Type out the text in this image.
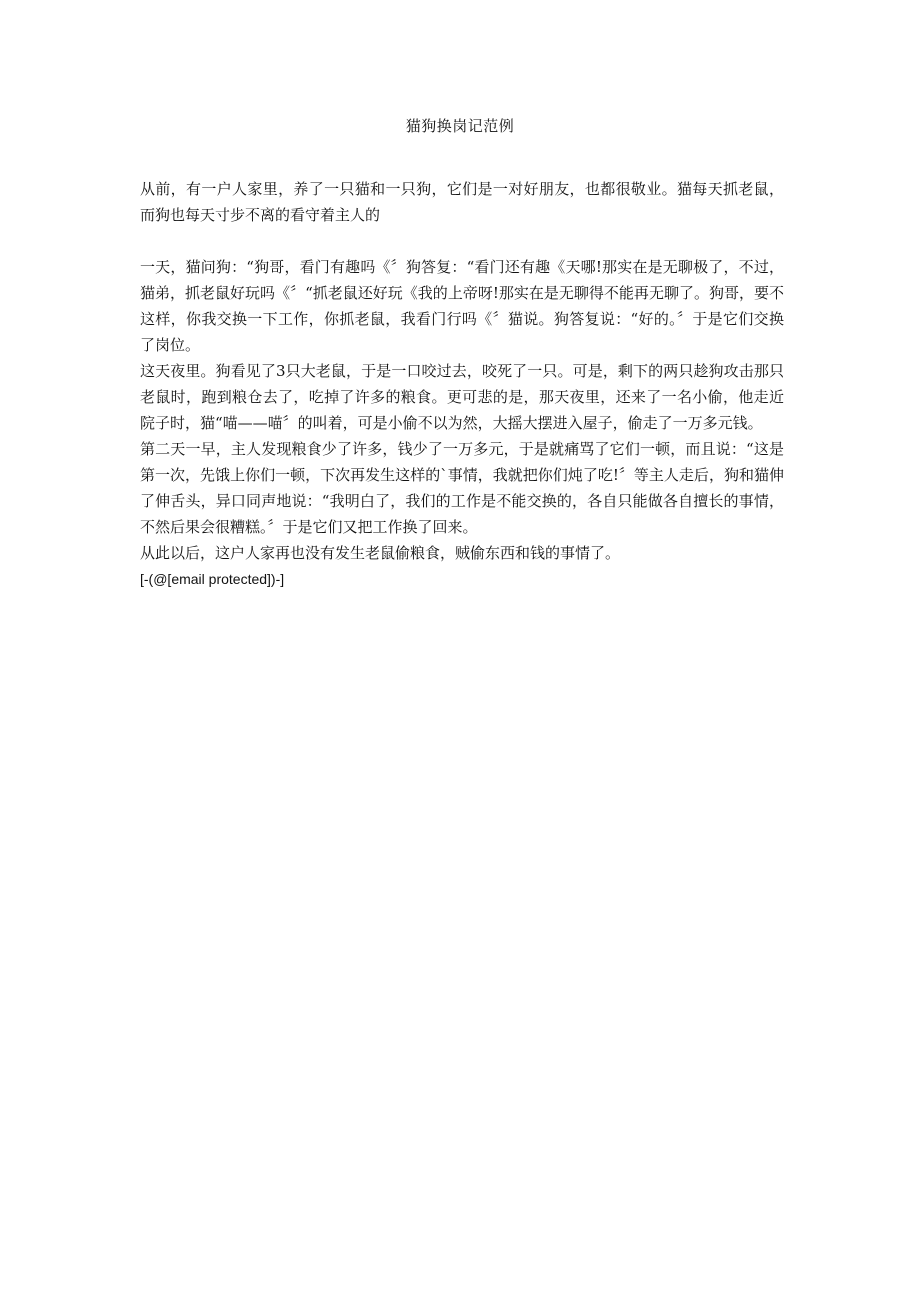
猫狗换岗记范例

从前，有一户人家里，养了一只猫和一只狗，它们是一对好朋友，也都很敬业。猫每天抓老鼠，而狗也每天寸步不离的看守着主人的

一天，猫问狗：“狗哥，看门有趣吗《〞狗答复：“看门还有趣《天哪!那实在是无聊极了，不过，猫弟，抓老鼠好玩吗《〞“抓老鼠还好玩《我的上帝呀!那实在是无聊得不能再无聊了。狗哥，要不这样，你我交换一下工作，你抓老鼠，我看门行吗《〞猫说。狗答复说：“好的。〞于是它们交换了岗位。

这天夜里。狗看见了3只大老鼠，于是一口咬过去，咬死了一只。可是，剩下的两只趁狗攻击那只老鼠时，跑到粮仓去了，吃掉了许多的粮食。更可悲的是，那天夜里，还来了一名小偷，他走近院子时，猫“喵——喵〞的叫着，可是小偷不以为然，大摇大摆进入屋子，偷走了一万多元钱。

第二天一早，主人发现粮食少了许多，钱少了一万多元，于是就痛骂了它们一顿，而且说：“这是第一次，先饿上你们一顿，下次再发生这样的`事情，我就把你们炖了吃!〞等主人走后，狗和猫伸了伸舌头，异口同声地说：“我明白了，我们的工作是不能交换的，各自只能做各自擅长的事情，不然后果会很糟糕。〞于是它们又把工作换了回来。

从此以后，这户人家再也没有发生老鼠偷粮食，贼偷东西和钱的事情了。

[-(@[email protected])-]
